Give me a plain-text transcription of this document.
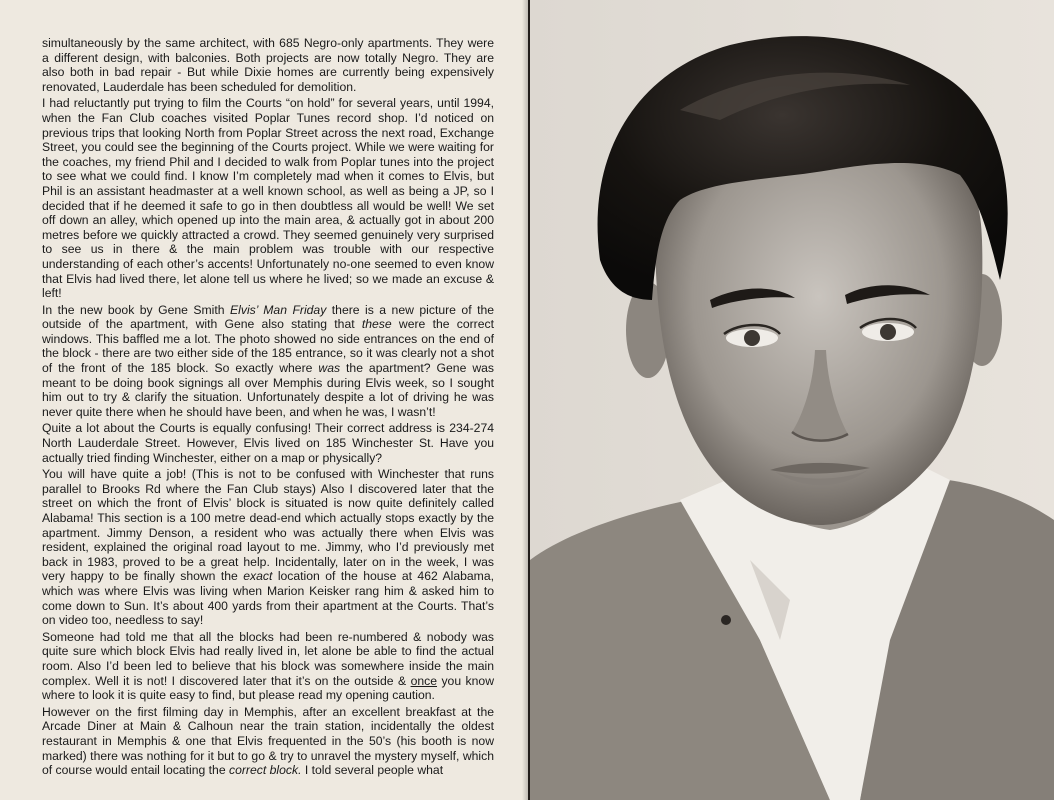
simultaneously by the same architect, with 685 Negro-only apartments. They were a different design, with balconies. Both projects are now totally Negro. They are also both in bad repair - But while Dixie homes are currently being expensively renovated, Lauderdale has been scheduled for demolition.

I had reluctantly put trying to film the Courts “on hold” for several years, until 1994, when the Fan Club coaches visited Poplar Tunes record shop. I’d noticed on previous trips that looking North from Poplar Street across the next road, Exchange Street, you could see the beginning of the Courts project. While we were waiting for the coaches, my friend Phil and I decided to walk from Poplar tunes into the project to see what we could find. I know I’m completely mad when it comes to Elvis, but Phil is an assistant headmaster at a well known school, as well as being a JP, so I decided that if he deemed it safe to go in then doubtless all would be well! We set off down an alley, which opened up into the main area, & actually got in about 200 metres before we quickly attracted a crowd. They seemed genuinely very surprised to see us in there & the main problem was trouble with our respective understanding of each other’s accents! Unfortunately no-one seemed to even know that Elvis had lived there, let alone tell us where he lived; so we made an excuse & left!

In the new book by Gene Smith Elvis’ Man Friday there is a new picture of the outside of the apartment, with Gene also stating that these were the correct windows. This baffled me a lot. The photo showed no side entrances on the end of the block - there are two either side of the 185 entrance, so it was clearly not a shot of the front of the 185 block. So exactly where was the apartment? Gene was meant to be doing book signings all over Memphis during Elvis week, so I sought him out to try & clarify the situation. Unfortunately despite a lot of driving he was never quite there when he should have been, and when he was, I wasn’t!

Quite a lot about the Courts is equally confusing! Their correct address is 234-274 North Lauderdale Street. However, Elvis lived on 185 Winchester St. Have you actually tried finding Winchester, either on a map or physically?

You will have quite a job! (This is not to be confused with Winchester that runs parallel to Brooks Rd where the Fan Club stays) Also I discovered later that the street on which the front of Elvis’ block is situated is now quite definitely called Alabama! This section is a 100 metre dead-end which actually stops exactly by the apartment. Jimmy Denson, a resident who was actually there when Elvis was resident, explained the original road layout to me. Jimmy, who I’d previously met back in 1983, proved to be a great help. Incidentally, later on in the week, I was very happy to be finally shown the exact location of the house at 462 Alabama, which was where Elvis was living when Marion Keisker rang him & asked him to come down to Sun. It’s about 400 yards from their apartment at the Courts. That’s on video too, needless to say!

Someone had told me that all the blocks had been re-numbered & nobody was quite sure which block Elvis had really lived in, let alone be able to find the actual room. Also I’d been led to believe that his block was somewhere inside the main complex. Well it is not! I discovered later that it’s on the outside & once you know where to look it is quite easy to find, but please read my opening caution.

However on the first filming day in Memphis, after an excellent breakfast at the Arcade Diner at Main & Calhoun near the train station, incidentally the oldest restaurant in Memphis & one that Elvis frequented in the 50’s (his booth is now marked) there was nothing for it but to go & try to unravel the mystery myself, which of course would entail locating the correct block. I told several people what
